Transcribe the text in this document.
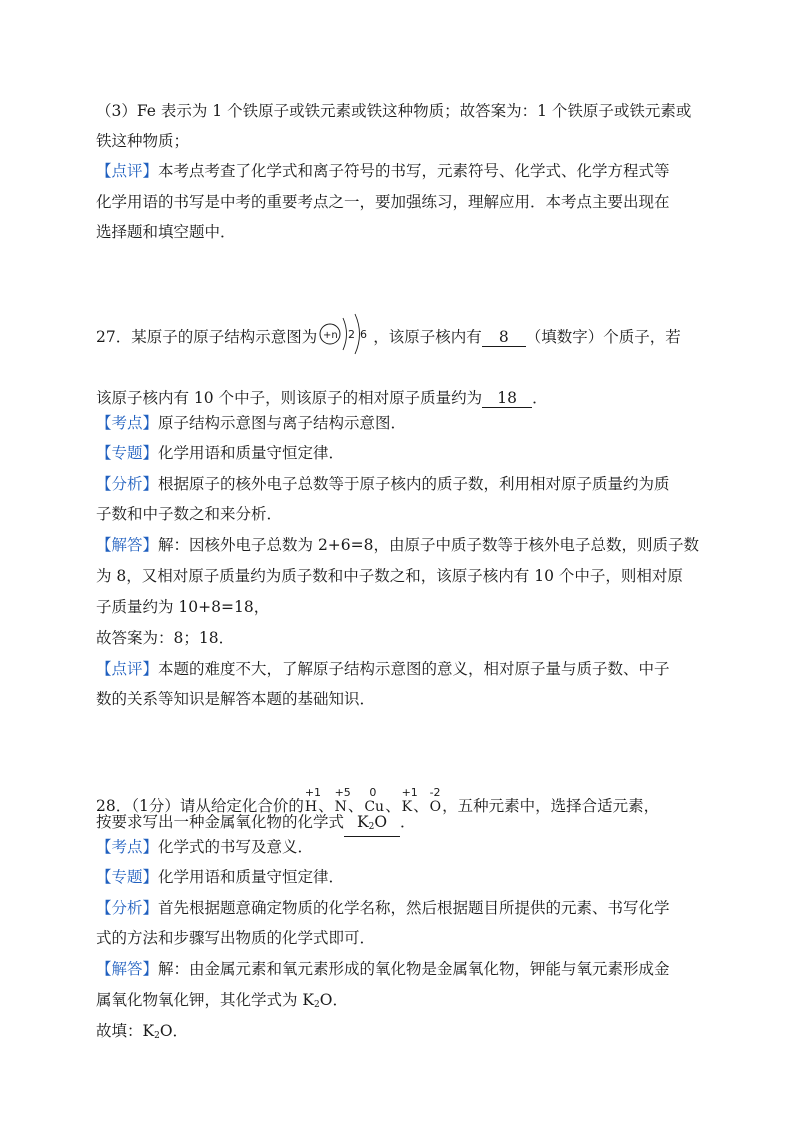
（3）Fe 表示为 1 个铁原子或铁元素或铁这种物质；故答案为：1 个铁原子或铁元素或
铁这种物质；
【点评】本考点考查了化学式和离子符号的书写，元素符号、化学式、化学方程式等
化学用语的书写是中考的重要考点之一，要加强练习，理解应用．本考点主要出现在
选择题和填空题中．
27．某原子的原子结构示意图为 +n 2 6 ，该原子核内有 8 （填数字）个质子，若
该原子核内有 10 个中子，则该原子的相对原子质量约为 18 ．
【考点】原子结构示意图与离子结构示意图．
【专题】化学用语和质量守恒定律．
【分析】根据原子的核外电子总数等于原子核内的质子数，利用相对原子质量约为质
子数和中子数之和来分析．
【解答】解：因核外电子总数为 2+6=8，由原子中质子数等于核外电子总数，则质子数
为 8，又相对原子质量约为质子数和中子数之和，该原子核内有 10 个中子，则相对原
子质量约为 10+8=18，
故答案为：8；18．
【点评】本题的难度不大，了解原子结构示意图的意义，相对原子量与质子数、中子
数的关系等知识是解答本题的基础知识．
28．（1分）请从给定化合价的
+1
H、
+5
N、
0
Cu、
+1
K、
-2
O，五种元素中，选择合适元素，
按要求写出一种金属氧化物的化学式 $K_2O$ ．
【考点】化学式的书写及意义．
【专题】化学用语和质量守恒定律．
【分析】首先根据题意确定物质的化学名称，然后根据题目所提供的元素、书写化学
式的方法和步骤写出物质的化学式即可．
【解答】解：由金属元素和氧元素形成的氧化物是金属氧化物，钾能与氧元素形成金
属氧化物氧化钾，其化学式为 $K_2O$．
故填：$K_2O$．
